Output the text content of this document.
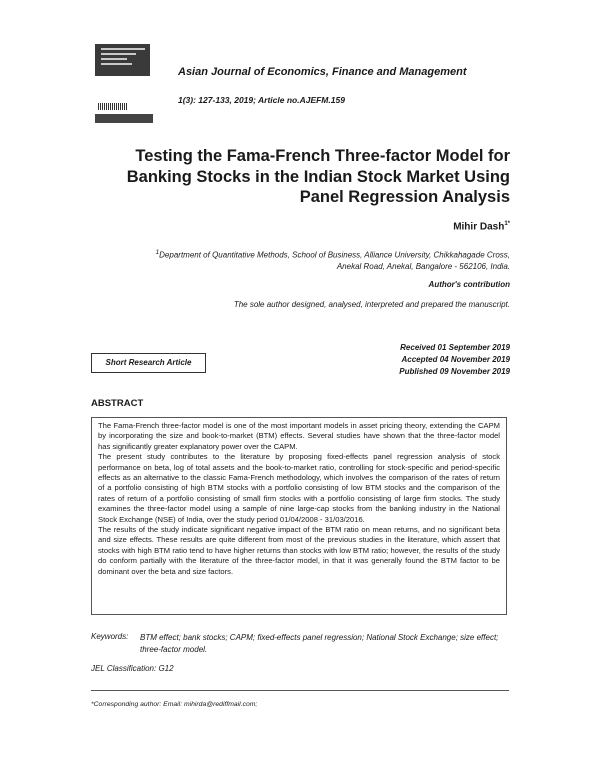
Asian Journal of Economics, Finance and Management
1(3): 127-133, 2019; Article no.AJEFM.159
Testing the Fama-French Three-factor Model for
Banking Stocks in the Indian Stock Market Using
Panel Regression Analysis
Mihir Dash$^{1*}$
$^1$Department of Quantitative Methods, School of Business, Alliance University, Chikkahagade Cross,
Anekal Road, Anekal, Bangalore - 562106, India.
Author's contribution
The sole author designed, analysed, interpreted and prepared the manuscript.
Received 01 September 2019
Accepted 04 November 2019
Published 09 November 2019
Short Research Article
ABSTRACT

The Fama-French three-factor model is one of the most important models in asset pricing theory, extending the CAPM by incorporating the size and book-to-market (BTM) effects. Several studies have shown that the three-factor model has significantly greater explanatory power over the CAPM.

The present study contributes to the literature by proposing fixed-effects panel regression analysis of stock performance on beta, log of total assets and the book-to-market ratio, controlling for stock-specific and period-specific effects as an alternative to the classic Fama-French methodology, which involves the comparison of the rates of return of a portfolio consisting of high BTM stocks with a portfolio consisting of low BTM stocks and the comparison of the rates of return of a portfolio consisting of small firm stocks with a portfolio consisting of large firm stocks. The study examines the three-factor model using a sample of nine large-cap stocks from the banking industry in the National Stock Exchange (NSE) of India, over the study period 01/04/2008 - 31/03/2016.

The results of the study indicate significant negative impact of the BTM ratio on mean returns, and no significant beta and size effects. These results are quite different from most of the previous studies in the literature, which assert that stocks with high BTM ratio tend to have higher returns than stocks with low BTM ratio; however, the results of the study do conform partially with the literature of the three-factor model, in that it was generally found the BTM factor to be dominant over the beta and size factors.

Keywords: BTM effect; bank stocks; CAPM; fixed-effects panel regression; National Stock Exchange; size effect; three-factor model.
JEL Classification: G12
*Corresponding author: Email: mihirda@rediffmail.com;
